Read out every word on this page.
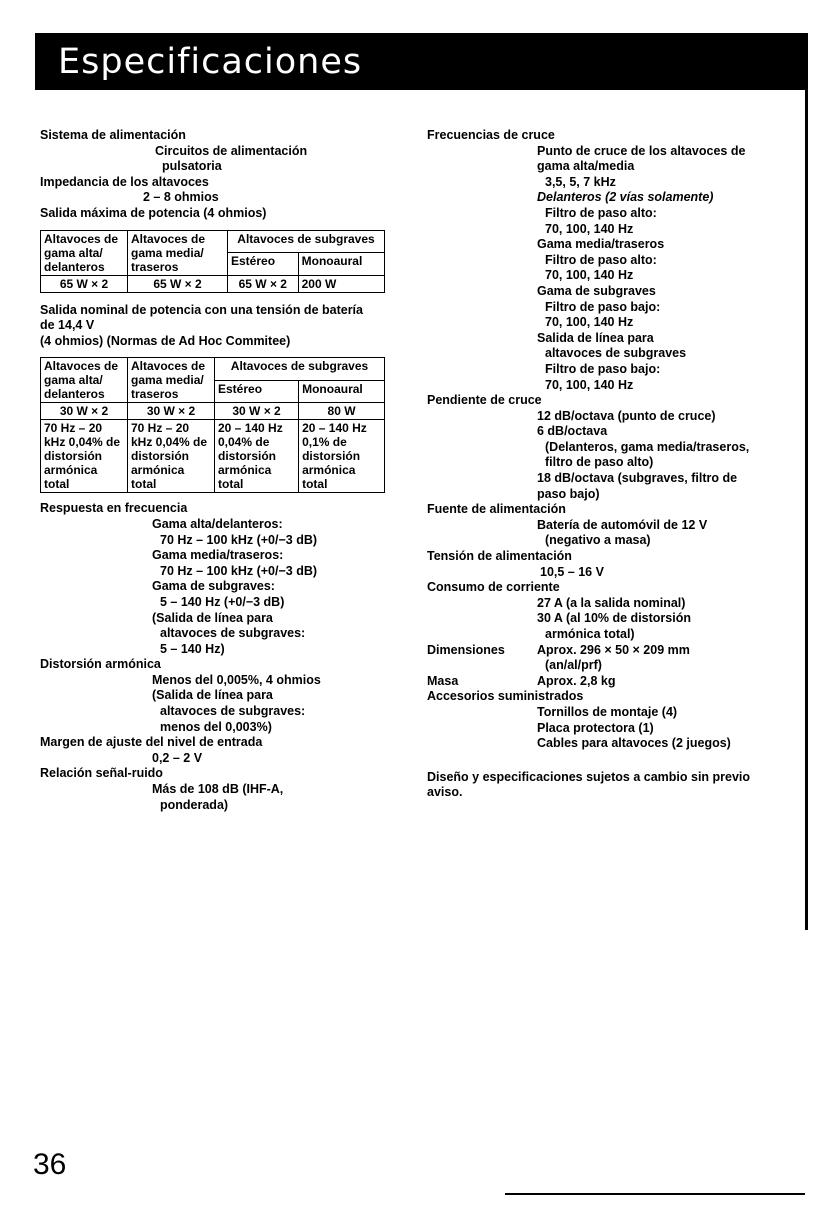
Especificaciones
Sistema de alimentación
Circuitos de alimentación
pulsatoria
Impedancia de los altavoces
2 – 8 ohmios
Salida máxima de potencia (4 ohmios)
Altavoces de gama alta/ delanteros	Altavoces de gama media/ traseros	Altavoces de subgraves	
		Estéreo	Monoaural
65 W × 2	65 W × 2	65 W × 2	200 W
Salida nominal de potencia con una tensión de batería
de 14,4 V
(4 ohmios) (Normas de Ad Hoc Commitee)
Altavoces de gama alta/ delanteros	Altavoces de gama media/ traseros	Altavoces de subgraves	
		Estéreo	Monoaural
30 W × 2	30 W × 2	30 W × 2	80 W
70 Hz – 20 kHz 0,04% de distorsión armónica total	70 Hz – 20 kHz 0,04% de distorsión armónica total	20 – 140 Hz 0,04% de distorsión armónica total	20 – 140 Hz 0,1% de distorsión armónica total
Respuesta en frecuencia
Gama alta/delanteros:
70 Hz – 100 kHz (+0/−3 dB)
Gama media/traseros:
70 Hz – 100 kHz (+0/−3 dB)
Gama de subgraves:
5 – 140 Hz (+0/−3 dB)
(Salida de línea para
altavoces de subgraves:
5 – 140 Hz)
Distorsión armónica
Menos del 0,005%, 4 ohmios
(Salida de línea para
altavoces de subgraves:
menos del 0,003%)
Margen de ajuste del nivel de entrada
0,2 – 2 V
Relación señal-ruido
Más de 108 dB (IHF-A,
ponderada)
Frecuencias de cruce
Punto de cruce de los altavoces de
gama alta/media
3,5, 5, 7 kHz
Delanteros (2 vías solamente)
Filtro de paso alto:
70, 100, 140 Hz
Gama media/traseros
Filtro de paso alto:
70, 100, 140 Hz
Gama de subgraves
Filtro de paso bajo:
70, 100, 140 Hz
Salida de línea para
altavoces de subgraves
Filtro de paso bajo:
70, 100, 140 Hz
Pendiente de cruce
12 dB/octava (punto de cruce)
6 dB/octava
(Delanteros, gama media/traseros,
filtro de paso alto)
18 dB/octava (subgraves, filtro de
paso bajo)
Fuente de alimentación
Batería de automóvil de 12 V
(negativo a masa)
Tensión de alimentación
10,5 – 16 V
Consumo de corriente
27 A (a la salida nominal)
30 A (al 10% de distorsión
armónica total)
Dimensiones	Aprox. 296 × 50 × 209 mm
(an/al/prf)
Masa	Aprox. 2,8 kg
Accesorios suministrados
Tornillos de montaje (4)
Placa protectora (1)
Cables para altavoces (2 juegos)
Diseño y especificaciones sujetos a cambio sin previo
aviso.
36
